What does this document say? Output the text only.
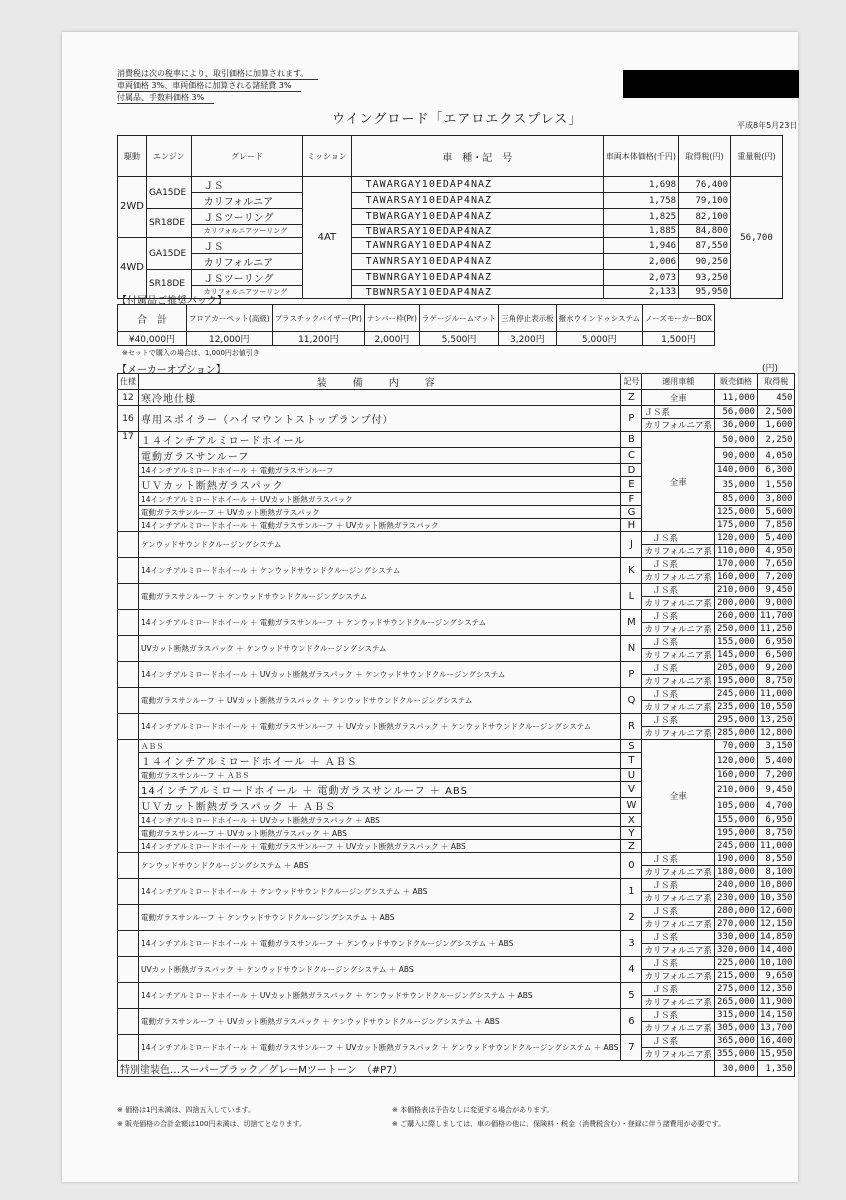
消費税は次の税率により、取引価格に加算されます。
車両価格 3%、車両価格に加算される諸経費 3%
付属品、手数料価格 3%
ウイングロード「エアロエクスプレス」	平成8年5月23日
駆動	エンジン	グレード	ミッション	車　種・記　号	車両本体価格(千円)	取得税(円)	重量税(円)
2WD	GA15DE	ＪＳ	4AT	TAWARGAY10EDAP4NAZ	1,698	76,400	56,700
		カリフォルニア		TAWARSAY10EDAP4NAZ	1,758	79,100	
	SR18DE	ＪＳツーリング		TBWARGAY10EDAP4NAZ	1,825	82,100	
		カリフォルニアツーリング		TBWARSAY10EDAP4NAZ	1,885	84,800	
4WD	GA15DE	ＪＳ		TAWNRGAY10EDAP4NAZ	1,946	87,550	
		カリフォルニア		TAWNRSAY10EDAP4NAZ	2,006	90,250	
	SR18DE	ＪＳツーリング		TBWNRGAY10EDAP4NAZ	2,073	93,250	
		カリフォルニアツーリング		TBWNRSAY10EDAP4NAZ	2,133	95,950	
【付属品ご推奨パック】
合　計	フロアカーペット(高級)	プラスチックバイザー(Pr)	ナンバー枠(Pr)	ラゲージルームマット	三角停止表示板	撥水ウインドゥシステム	ノーズモーカーBOX
¥40,000円	12,000円	11,200円	2,000円	5,500円	3,200円	5,000円	1,500円
※セットで購入の場合は、1,000円お値引き
【メーカーオプション】	(円)
仕様	装　備　内　容	記号	適用車種	販売価格	取得税
12	寒冷地仕様	Z	全車	11,000	450
16	専用スポイラー（ハイマウントストップランプ付）	P	ＪＳ系	56,000	2,500
			カリフォルニア系	36,000	1,600
17	１４インチアルミロードホイール	B	全車	50,000	2,250
	電動ガラスサンルーフ	C		90,000	4,050
	14インチアルミロードホイール ＋ 電動ガラスサンルーフ	D		140,000	6,300
	ＵＶカット断熱ガラスパック	E		35,000	1,550
	14インチアルミロードホイール ＋ UVカット断熱ガラスパック	F		85,000	3,800
	電動ガラスサンルーフ ＋ UVカット断熱ガラスパック	G		125,000	5,600
	14インチアルミロードホイール ＋ 電動ガラスサンルーフ ＋ UVカット断熱ガラスパック	H		175,000	7,850
	ケンウッドサウンドクルージングシステム	J	ＪＳ系	120,000	5,400
			カリフォルニア系	110,000	4,950
	14インチアルミロードホイール ＋ ケンウッドサウンドクルージングシステム	K	ＪＳ系	170,000	7,650
			カリフォルニア系	160,000	7,200
	電動ガラスサンルーフ ＋ ケンウッドサウンドクルージングシステム	L	ＪＳ系	210,000	9,450
			カリフォルニア系	200,000	9,000
	14インチアルミロードホイール ＋ 電動ガラスサンルーフ ＋ ケンウッドサウンドクルージングシステム	M	ＪＳ系	260,000	11,700
			カリフォルニア系	250,000	11,250
	UVカット断熱ガラスパック ＋ ケンウッドサウンドクルージングシステム	N	ＪＳ系	155,000	6,950
			カリフォルニア系	145,000	6,500
	14インチアルミロードホイール ＋ UVカット断熱ガラスパック ＋ ケンウッドサウンドクルージングシステム	P	ＪＳ系	205,000	9,200
			カリフォルニア系	195,000	8,750
	電動ガラスサンルーフ ＋ UVカット断熱ガラスパック ＋ ケンウッドサウンドクルージングシステム	Q	ＪＳ系	245,000	11,000
			カリフォルニア系	235,000	10,550
	14インチアルミロードホイール ＋ 電動ガラスサンルーフ ＋ UVカット断熱ガラスパック ＋ ケンウッドサウンドクルージングシステム	R	ＪＳ系	295,000	13,250
			カリフォルニア系	285,000	12,800
	ＡＢＳ	S	全車	70,000	3,150
	１４インチアルミロードホイール ＋ ＡＢＳ	T		120,000	5,400
	電動ガラスサンルーフ ＋ ＡＢＳ	U		160,000	7,200
	14インチアルミロードホイール ＋ 電動ガラスサンルーフ ＋ ABS	V		210,000	9,450
	ＵＶカット断熱ガラスパック ＋ ＡＢＳ	W		105,000	4,700
	14インチアルミロードホイール ＋ UVカット断熱ガラスパック ＋ ABS	X		155,000	6,950
	電動ガラスサンルーフ ＋ UVカット断熱ガラスパック ＋ ABS	Y		195,000	8,750
	14インチアルミロードホイール ＋ 電動ガラスサンルーフ ＋ UVカット断熱ガラスパック ＋ ABS	Z		245,000	11,000
	ケンウッドサウンドクルージングシステム ＋ ABS	0	ＪＳ系	190,000	8,550
			カリフォルニア系	180,000	8,100
	14インチアルミロードホイール ＋ ケンウッドサウンドクルージングシステム ＋ ABS	1	ＪＳ系	240,000	10,800
			カリフォルニア系	230,000	10,350
	電動ガラスサンルーフ ＋ ケンウッドサウンドクルージングシステム ＋ ABS	2	ＪＳ系	280,000	12,600
			カリフォルニア系	270,000	12,150
	14インチアルミロードホイール ＋ 電動ガラスサンルーフ ＋ ケンウッドサウンドクルージングシステム ＋ ABS	3	ＪＳ系	330,000	14,850
			カリフォルニア系	320,000	14,400
	UVカット断熱ガラスパック ＋ ケンウッドサウンドクルージングシステム ＋ ABS	4	ＪＳ系	225,000	10,100
			カリフォルニア系	215,000	9,650
	14インチアルミロードホイール ＋ UVカット断熱ガラスパック ＋ ケンウッドサウンドクルージングシステム ＋ ABS	5	ＪＳ系	275,000	12,350
			カリフォルニア系	265,000	11,900
	電動ガラスサンルーフ ＋ UVカット断熱ガラスパック ＋ ケンウッドサウンドクルージングシステム ＋ ABS	6	ＪＳ系	315,000	14,150
			カリフォルニア系	305,000	13,700
	14インチアルミロードホイール ＋ 電動ガラスサンルーフ ＋ UVカット断熱ガラスパック ＋ ケンウッドサウンドクルージングシステム ＋ ABS	7	ＪＳ系	365,000	16,400
			カリフォルニア系	355,000	15,950
特別塗装色…スーパーブラック／グレーMツートーン　（#P7）				30,000	1,350
※ 価格は1円未満は、四捨五入しています。
※ 販売価格の合計金額は100円未満は、切捨てとなります。
※ 本価格表は予告なしに変更する場合があります。
※ ご購入に際しましては、車の価格の他に、保険料・税金（消費税含む）・登録に伴う諸費用が必要です。
